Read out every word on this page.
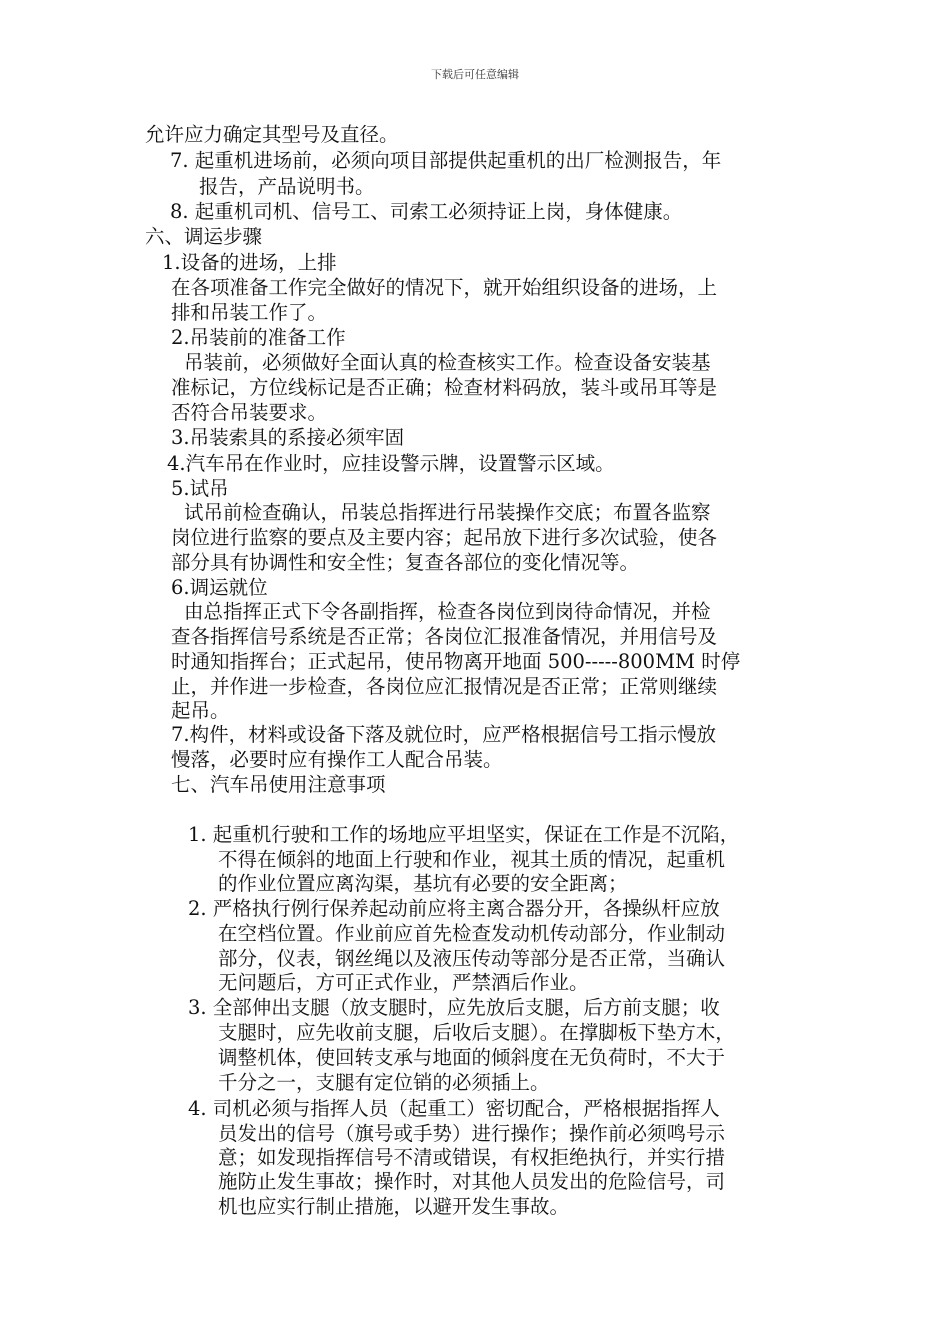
下载后可任意编辑
允许应力确定其型号及直径。
7. 起重机进场前，必须向项目部提供起重机的出厂检测报告，年
报告，产品说明书。
8. 起重机司机、信号工、司索工必须持证上岗，身体健康。
六、调运步骤
1.设备的进场，上排
在各项准备工作完全做好的情况下，就开始组织设备的进场，上
排和吊装工作了。
2.吊装前的准备工作
吊装前，必须做好全面认真的检查核实工作。检查设备安装基
准标记，方位线标记是否正确；检查材料码放，装斗或吊耳等是
否符合吊装要求。
3.吊装索具的系接必须牢固
4.汽车吊在作业时，应挂设警示牌，设置警示区域。
5.试吊
试吊前检查确认，吊装总指挥进行吊装操作交底；布置各监察
岗位进行监察的要点及主要内容；起吊放下进行多次试验，使各
部分具有协调性和安全性；复查各部位的变化情况等。
6.调运就位
由总指挥正式下令各副指挥，检查各岗位到岗待命情况，并检
查各指挥信号系统是否正常；各岗位汇报准备情况，并用信号及
时通知指挥台；正式起吊，使吊物离开地面 500-----800MM 时停
止，并作进一步检查，各岗位应汇报情况是否正常；正常则继续
起吊。
7.构件，材料或设备下落及就位时，应严格根据信号工指示慢放
慢落，必要时应有操作工人配合吊装。
七、汽车吊使用注意事项
1. 起重机行驶和工作的场地应平坦坚实，保证在工作是不沉陷，
不得在倾斜的地面上行驶和作业，视其土质的情况，起重机
的作业位置应离沟渠，基坑有必要的安全距离；
2. 严格执行例行保养起动前应将主离合器分开，各操纵杆应放
在空档位置。作业前应首先检查发动机传动部分，作业制动
部分，仪表，钢丝绳以及液压传动等部分是否正常，当确认
无问题后，方可正式作业，严禁酒后作业。
3. 全部伸出支腿（放支腿时，应先放后支腿，后方前支腿；收
支腿时，应先收前支腿，后收后支腿）。在撑脚板下垫方木，
调整机体，使回转支承与地面的倾斜度在无负荷时，不大于
千分之一，支腿有定位销的必须插上。
4. 司机必须与指挥人员（起重工）密切配合，严格根据指挥人
员发出的信号（旗号或手势）进行操作；操作前必须鸣号示
意；如发现指挥信号不清或错误，有权拒绝执行，并实行措
施防止发生事故；操作时，对其他人员发出的危险信号，司
机也应实行制止措施，以避开发生事故。
